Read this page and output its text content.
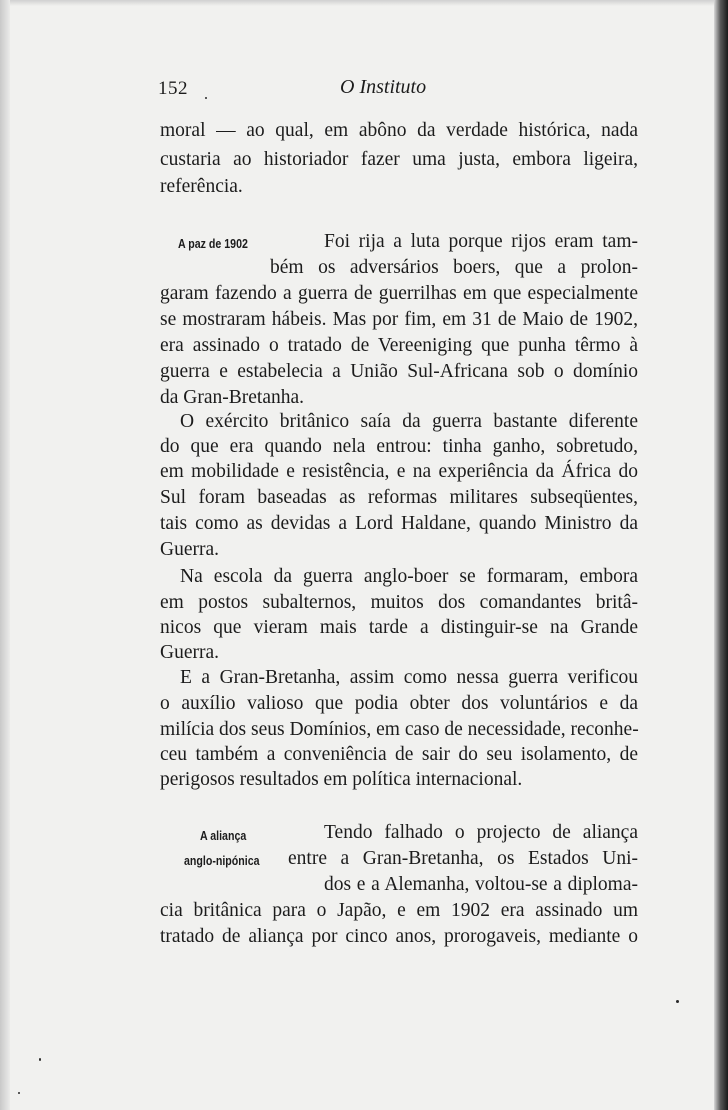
152	O Instituto

moral — ao qual, em abôno da verdade histórica, nada

custaria ao historiador fazer uma justa, embora ligeira,

referência.

A paz de 1902	Foi rija a luta porque rijos eram tam-

bém os adversários boers, que a prolon-

garam fazendo a guerra de guerrilhas em que especialmente

se mostraram hábeis. Mas por fim, em 31 de Maio de 1902,

era assinado o tratado de Vereeniging que punha têrmo à

guerra e estabelecia a União Sul-Africana sob o domínio

da Gran-Bretanha.

O exército britânico saía da guerra bastante diferente

do que era quando nela entrou: tinha ganho, sobretudo,

em mobilidade e resistência, e na experiência da África do

Sul foram baseadas as reformas militares subseqüentes,

tais como as devidas a Lord Haldane, quando Ministro da

Guerra.

Na escola da guerra anglo-boer se formaram, embora

em postos subalternos, muitos dos comandantes britâ-

nicos que vieram mais tarde a distinguir-se na Grande

Guerra.

E a Gran-Bretanha, assim como nessa guerra verificou

o auxílio valioso que podia obter dos voluntários e da

milícia dos seus Domínios, em caso de necessidade, reconhe-

ceu também a conveniência de sair do seu isolamento, de

perigosos resultados em política internacional.

A aliança

anglo-nipónica

Tendo falhado o projecto de aliança

entre a Gran-Bretanha, os Estados Uni-

dos e a Alemanha, voltou-se a diploma-

cia britânica para o Japão, e em 1902 era assinado um

tratado de aliança por cinco anos, prorogaveis, mediante o
